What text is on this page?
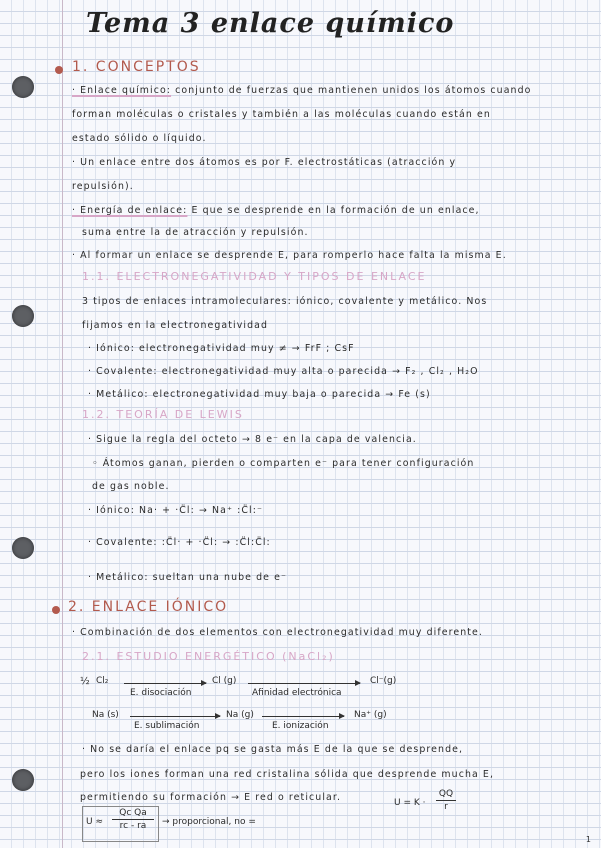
Tema 3 enlace químico
1. CONCEPTOS
· Enlace químico: conjunto de fuerzas que mantienen unidos los átomos cuando
forman moléculas o cristales y también a las moléculas cuando están en
estado sólido o líquido.
· Un enlace entre dos átomos es por F. electrostáticas (atracción y
repulsión).
· Energía de enlace: E que se desprende en la formación de un enlace,
suma entre la de atracción y repulsión.
· Al formar un enlace se desprende E, para romperlo hace falta la misma E.
1.1. ELECTRONEGATIVIDAD Y TIPOS DE ENLACE
3 tipos de enlaces intramoleculares: iónico, covalente y metálico. Nos
fijamos en la electronegatividad
· Iónico: electronegatividad muy ≠ → FrF ; CsF
· Covalente: electronegatividad muy alta o parecida → F₂ , Cl₂ , H₂O
· Metálico: electronegatividad muy baja o parecida → Fe (s)
1.2. TEORÍA DE LEWIS
· Sigue la regla del octeto → 8 e⁻ en la capa de valencia.
◦ Átomos ganan, pierden o comparten e⁻ para tener configuración
de gas noble.
· Iónico: Na· + ·C̈l: → Na⁺ :C̈l:⁻
· Covalente: :C̈l· + ·C̈l: → :C̈l:C̈l:
· Metálico: sueltan una nube de e⁻
2. ENLACE IÓNICO
· Combinación de dos elementos con electronegatividad muy diferente.
2.1. ESTUDIO ENERGÉTICO (NaCl₂)
½ Cl₂
E. disociación
Cl (g)
Afinidad electrónica
Cl⁻(g)
Na (s)
E. sublimación
Na (g)
E. ionización
Na⁺ (g)
· No se daría el enlace pq se gasta más E de la que se desprende,
pero los iones forman una red cristalina sólida que desprende mucha E,
permitiendo su formación → E red o reticular.	U = K ·
QQ
r
U ≈
Qc Qa
rc - ra	→ proporcional, no =
1
